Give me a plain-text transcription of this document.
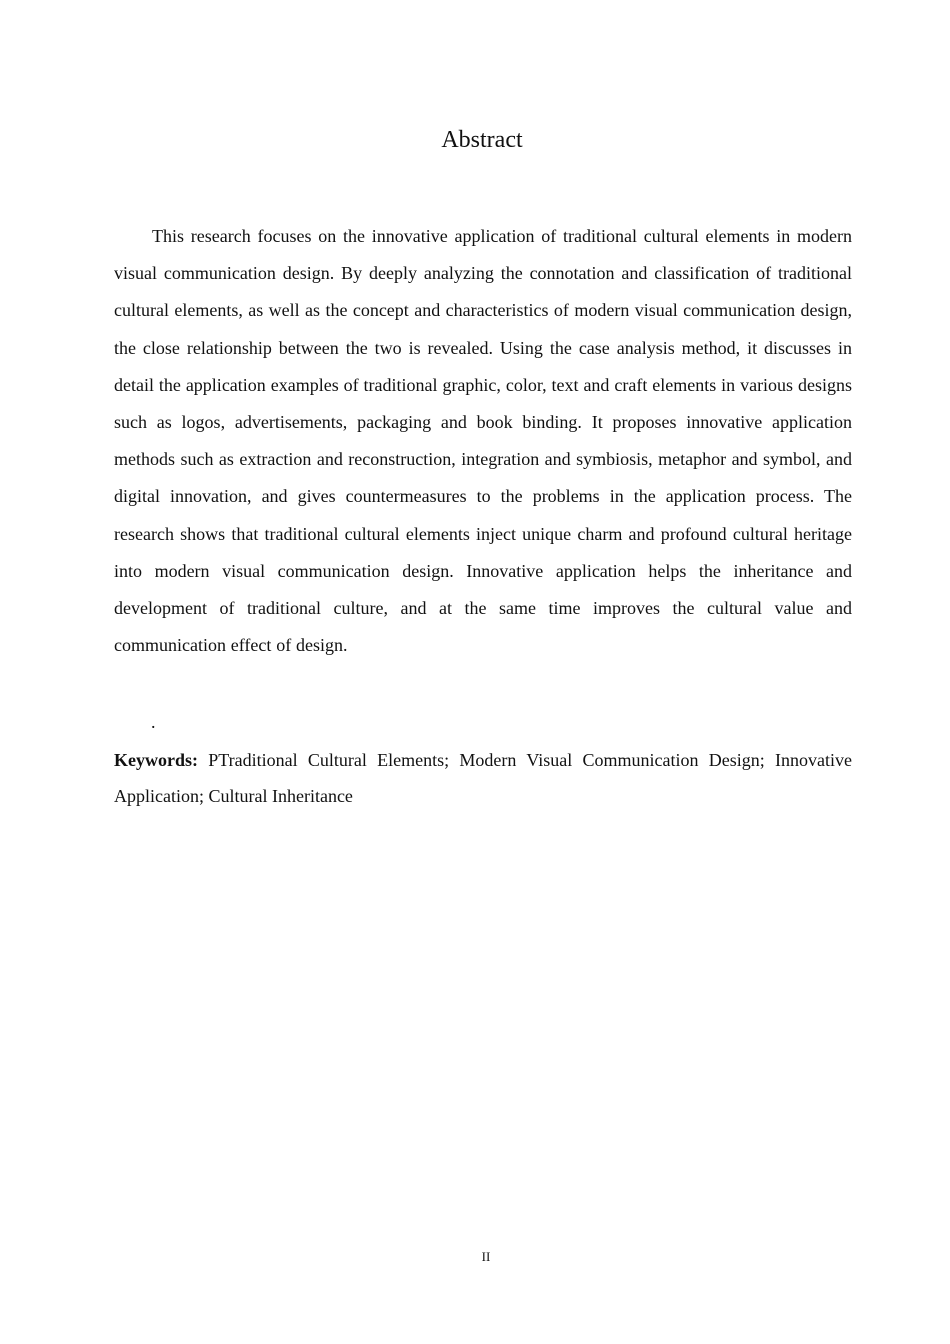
Abstract

This research focuses on the innovative application of traditional cultural elements in modern visual communication design. By deeply analyzing the connotation and classification of traditional cultural elements, as well as the concept and characteristics of modern visual communication design, the close relationship between the two is revealed. Using the case analysis method, it discusses in detail the application examples of traditional graphic, color, text and craft elements in various designs such as logos, advertisements, packaging and book binding. It proposes innovative application methods such as extraction and reconstruction, integration and symbiosis, metaphor and symbol, and digital innovation, and gives countermeasures to the problems in the application process. The research shows that traditional cultural elements inject unique charm and profound cultural heritage into modern visual communication design. Innovative application helps the inheritance and development of traditional culture, and at the same time improves the cultural value and communication effect of design.

.

Keywords: PTraditional Cultural Elements; Modern Visual Communication Design; Innovative Application; Cultural Inheritance

II
